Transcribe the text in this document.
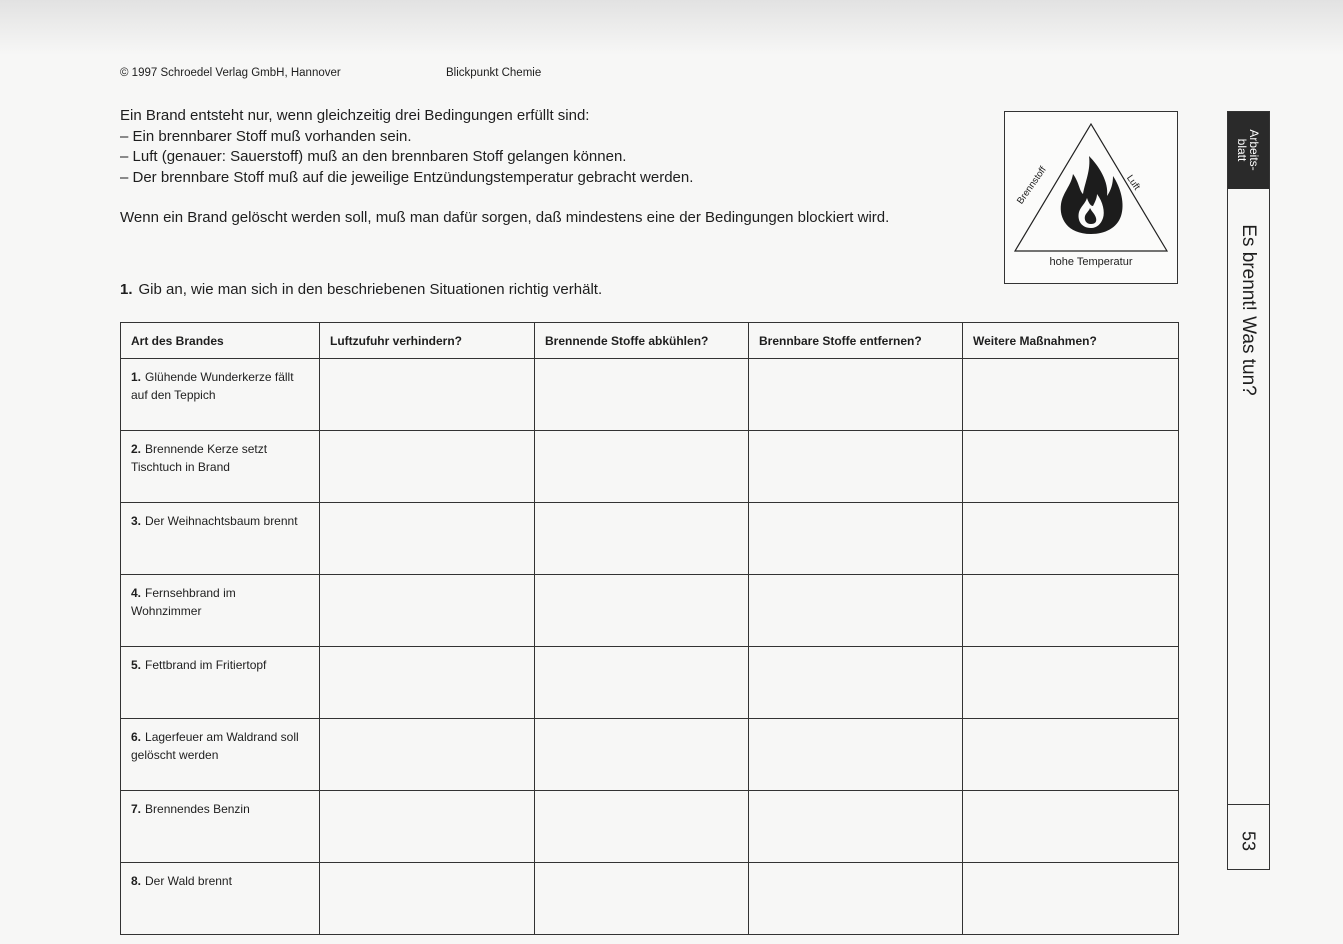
© 1997 Schroedel Verlag GmbH, Hannover	Blickpunkt Chemie
Ein Brand entsteht nur, wenn gleichzeitig drei Bedingungen erfüllt sind:
– Ein brennbarer Stoff muß vorhanden sein.
– Luft (genauer: Sauerstoff) muß an den brennbaren Stoff gelangen können.
– Der brennbare Stoff muß auf die jeweilige Entzündungstemperatur gebracht werden.
Wenn ein Brand gelöscht werden soll, muß man dafür sorgen, daß mindestens eine der Bedingungen blockiert wird.
Brennstoff	Luft
hohe Temperatur
1. Gib an, wie man sich in den beschriebenen Situationen richtig verhält.
Art des Brandes	Luftzufuhr verhindern?	Brennende Stoffe abkühlen?	Brennbare Stoffe entfernen?	Weitere Maßnahmen?
1. Glühende Wunderkerze fällt auf den Teppich				
2. Brennende Kerze setzt Tischtuch in Brand				
3. Der Weihnachtsbaum brennt				
4. Fernsehbrand im Wohnzimmer				
5. Fettbrand im Fritiertopf				
6. Lagerfeuer am Waldrand soll gelöscht werden				
7. Brennendes Benzin				
8. Der Wald brennt				
Arbeits-
blatt
Es brennt! Was tun?
53
